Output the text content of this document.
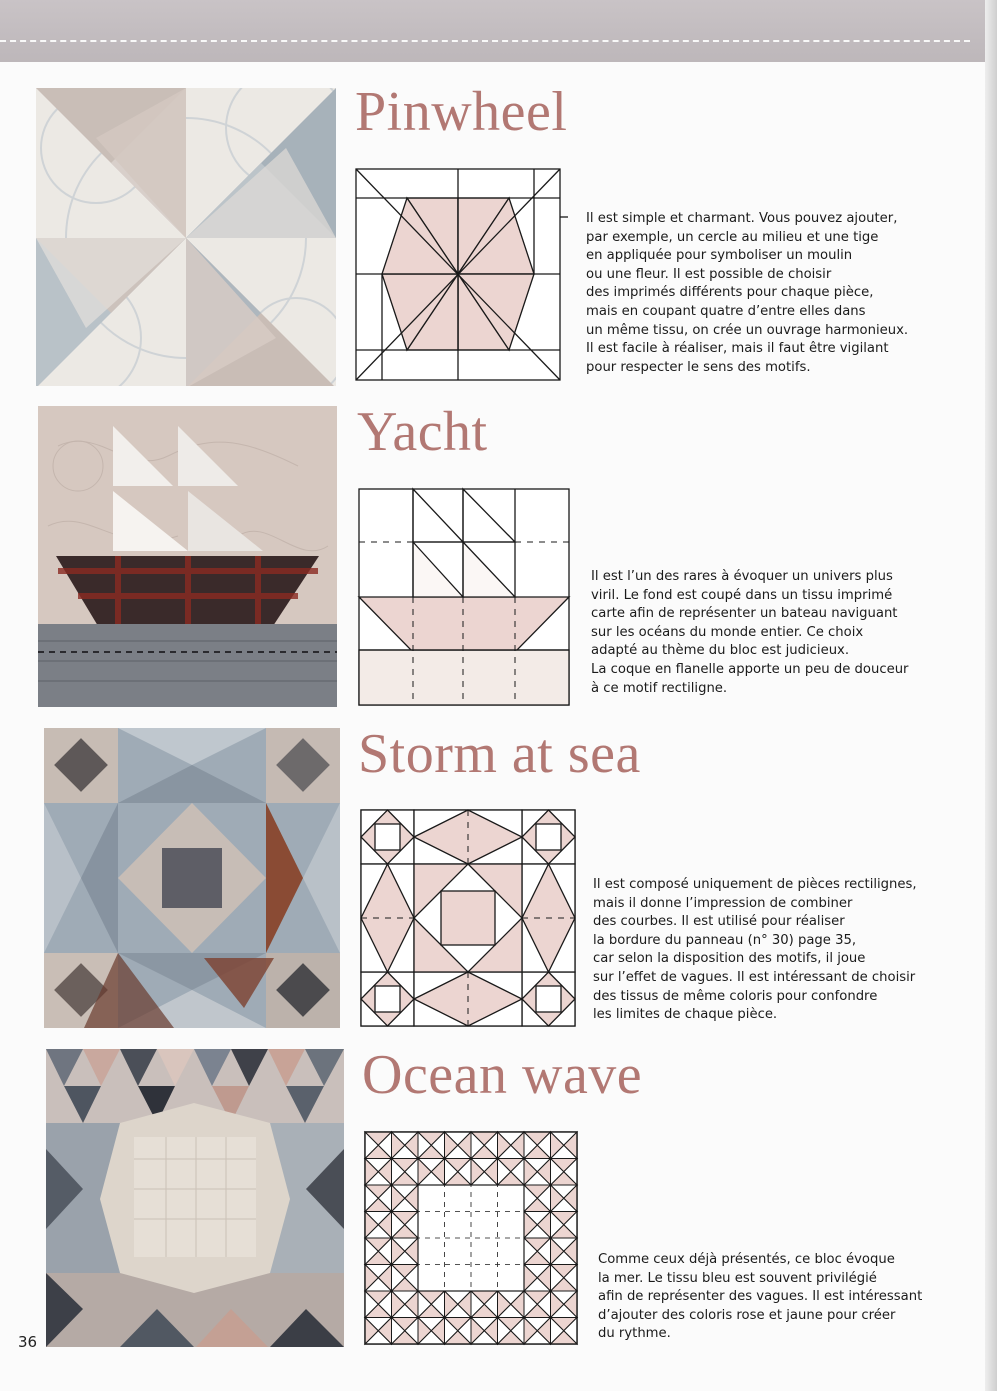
Pinwheel
Il est simple et charmant. Vous pouvez ajouter,
par exemple, un cercle au milieu et une tige
en appliquée pour symboliser un moulin
ou une fleur. Il est possible de choisir
des imprimés différents pour chaque pièce,
mais en coupant quatre d’entre elles dans
un même tissu, on crée un ouvrage harmonieux.
Il est facile à réaliser, mais il faut être vigilant
pour respecter le sens des motifs.
Yacht
Il est l’un des rares à évoquer un univers plus
viril. Le fond est coupé dans un tissu imprimé
carte afin de représenter un bateau naviguant
sur les océans du monde entier. Ce choix
adapté au thème du bloc est judicieux.
La coque en flanelle apporte un peu de douceur
à ce motif rectiligne.
Storm at sea
Il est composé uniquement de pièces rectilignes,
mais il donne l’impression de combiner
des courbes. Il est utilisé pour réaliser
la bordure du panneau (n° 30) page 35,
car selon la disposition des motifs, il joue
sur l’effet de vagues. Il est intéressant de choisir
des tissus de même coloris pour confondre
les limites de chaque pièce.
Ocean wave
Comme ceux déjà présentés, ce bloc évoque
la mer. Le tissu bleu est souvent privilégié
afin de représenter des vagues. Il est intéressant
d’ajouter des coloris rose et jaune pour créer
du rythme.
36
